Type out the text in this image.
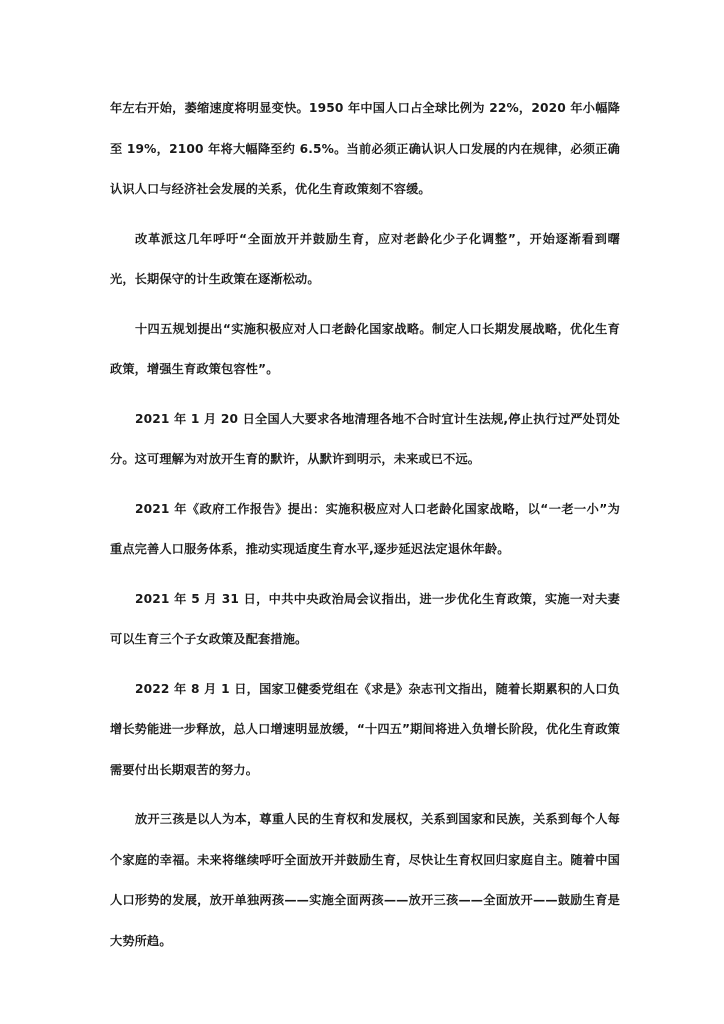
年左右开始，萎缩速度将明显变快。1950 年中国人口占全球比例为 22%，2020 年小幅降至 19%，2100 年将大幅降至约 6.5%。当前必须正确认识人口发展的内在规律，必须正确认识人口与经济社会发展的关系，优化生育政策刻不容缓。

改革派这几年呼吁“全面放开并鼓励生育，应对老龄化少子化调整”，开始逐渐看到曙光，长期保守的计生政策在逐渐松动。

十四五规划提出“实施积极应对人口老龄化国家战略。制定人口长期发展战略，优化生育政策，增强生育政策包容性”。

2021 年 1 月 20 日全国人大要求各地清理各地不合时宜计生法规,停止执行过严处罚处分。这可理解为对放开生育的默许，从默许到明示，未来或已不远。

2021 年《政府工作报告》提出：实施积极应对人口老龄化国家战略，以“一老一小”为重点完善人口服务体系，推动实现适度生育水平,逐步延迟法定退休年龄。

2021 年 5 月 31 日，中共中央政治局会议指出，进一步优化生育政策，实施一对夫妻可以生育三个子女政策及配套措施。

2022 年 8 月 1 日，国家卫健委党组在《求是》杂志刊文指出，随着长期累积的人口负增长势能进一步释放，总人口增速明显放缓，“十四五”期间将进入负增长阶段，优化生育政策需要付出长期艰苦的努力。

放开三孩是以人为本，尊重人民的生育权和发展权，关系到国家和民族，关系到每个人每个家庭的幸福。未来将继续呼吁全面放开并鼓励生育，尽快让生育权回归家庭自主。随着中国人口形势的发展，放开单独两孩——实施全面两孩——放开三孩——全面放开——鼓励生育是大势所趋。
